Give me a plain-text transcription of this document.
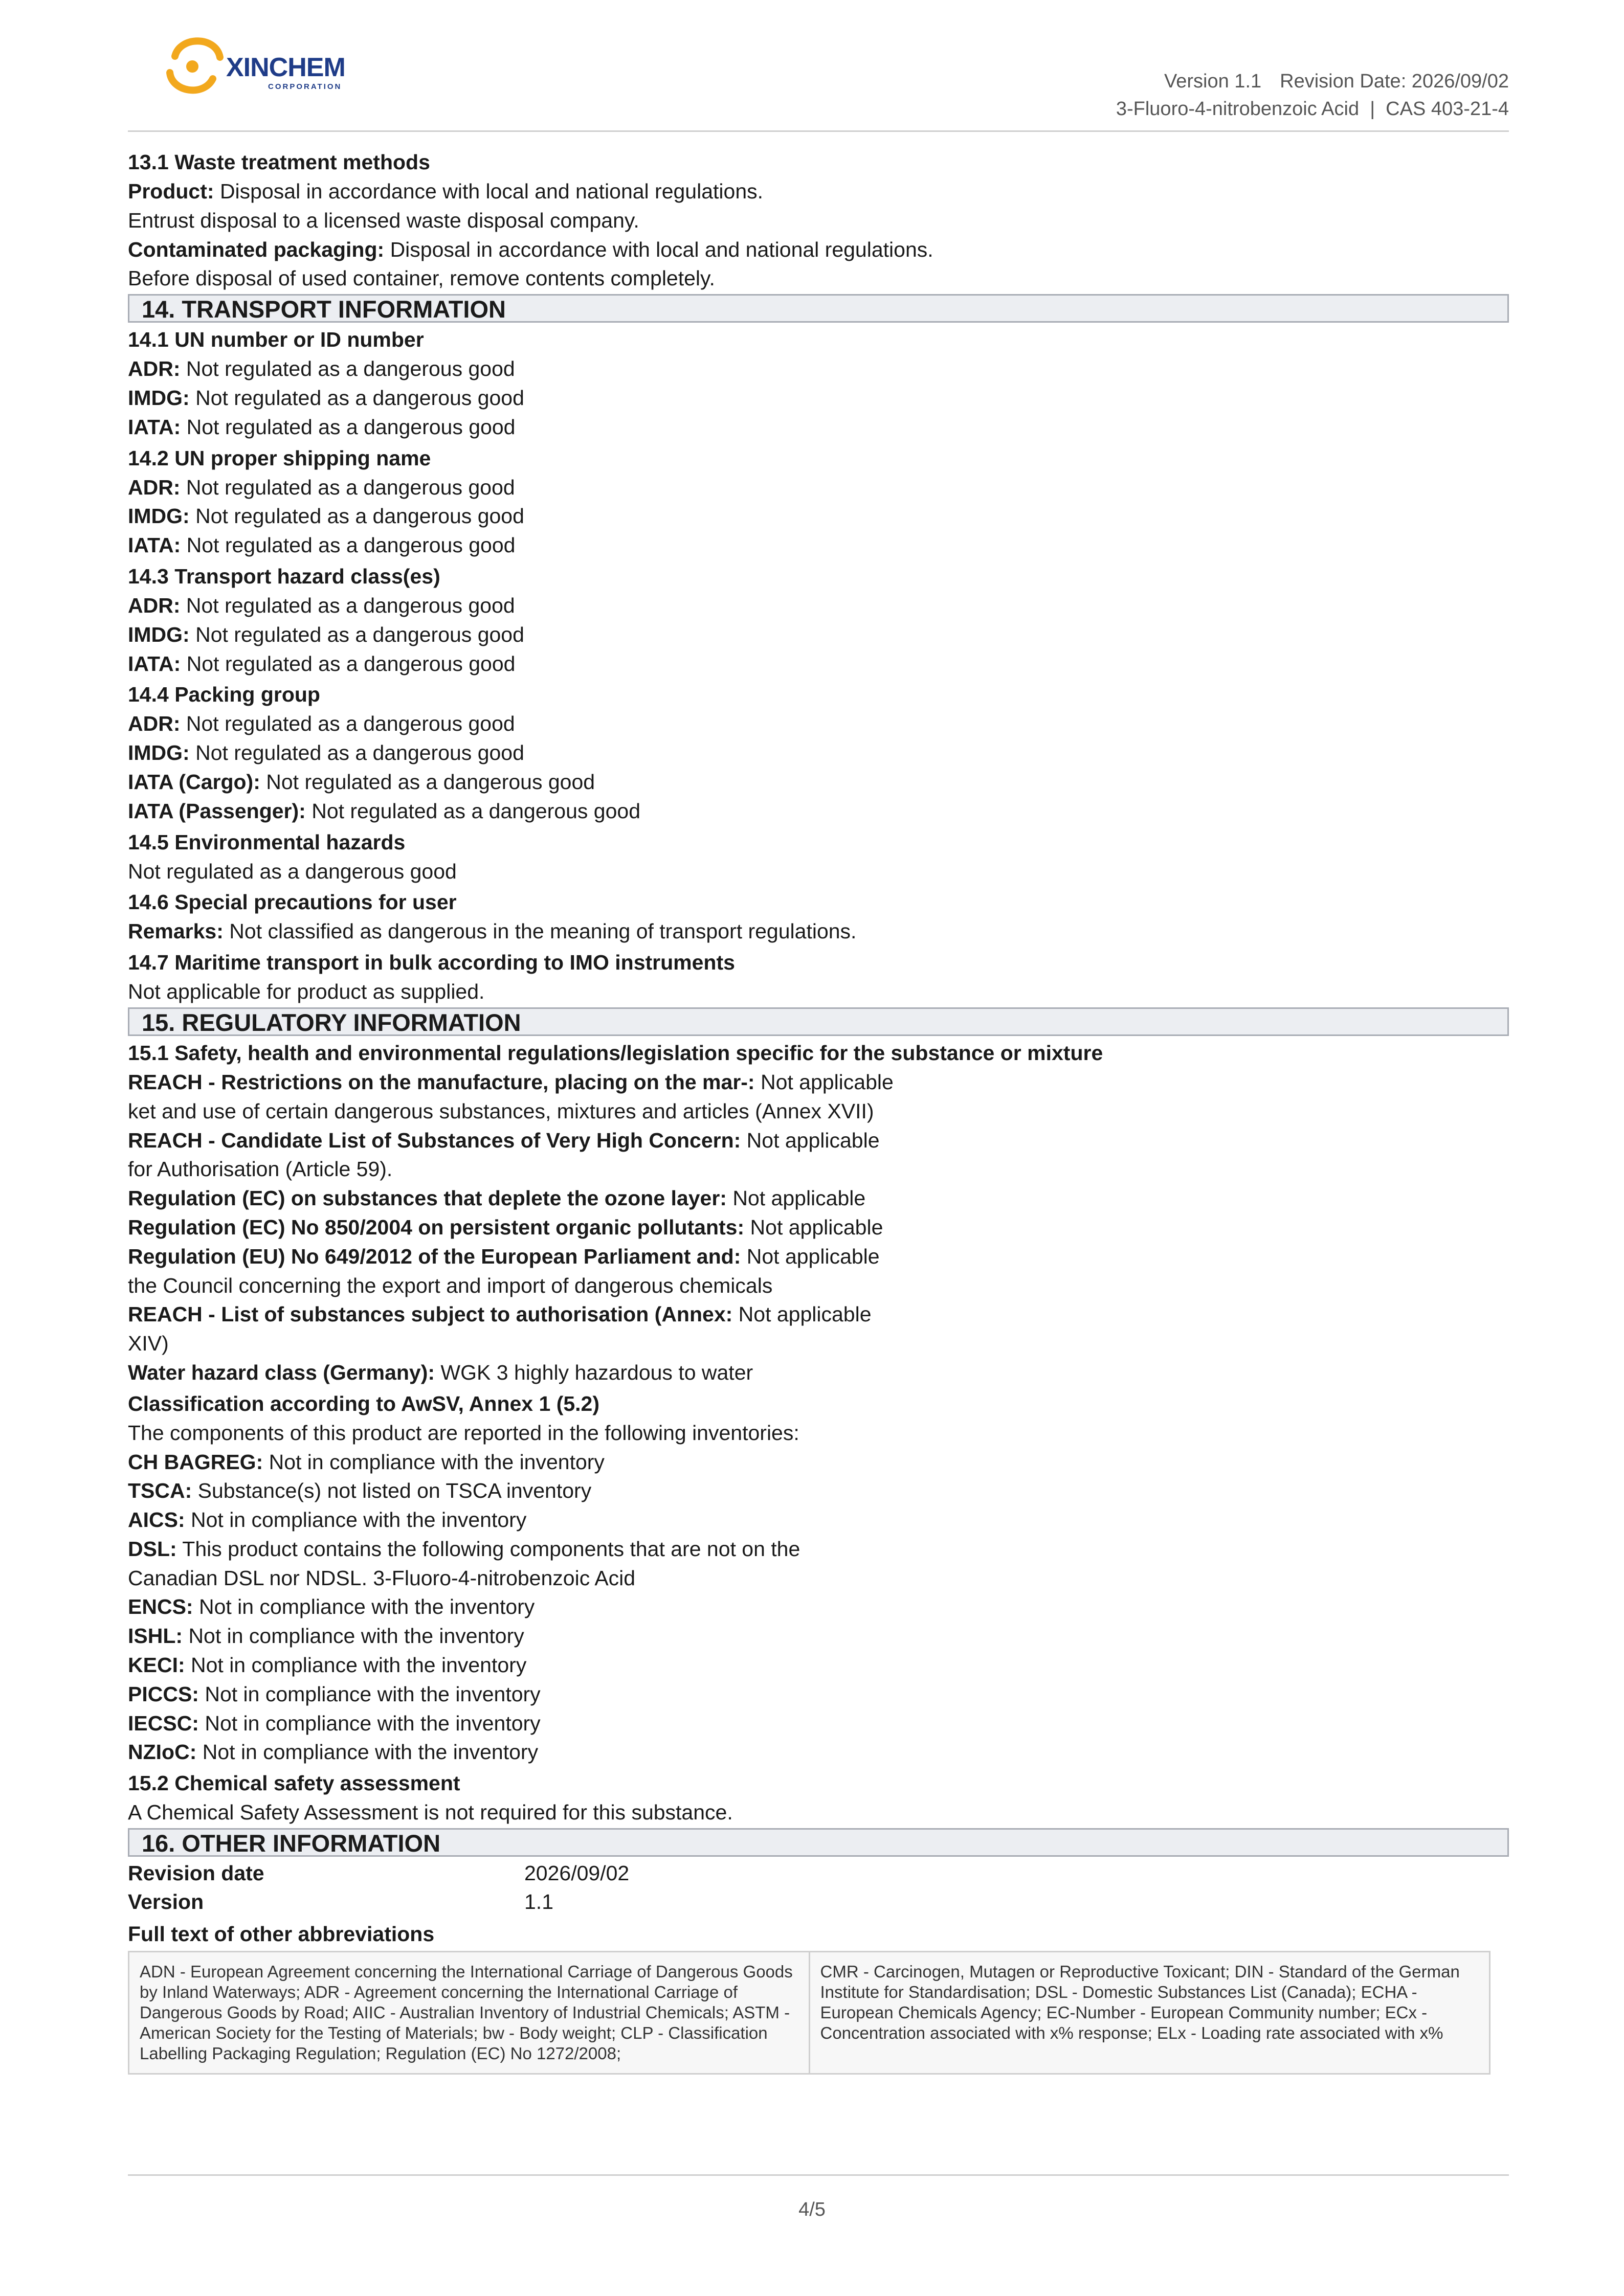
XINCHEM
CORPORATION	Version 1.1 Revision Date: 2026/09/02
3-Fluoro-4-nitrobenzoic Acid  |  CAS 403-21-4
13.1 Waste treatment methods
Product: Disposal in accordance with local and national regulations.
Entrust disposal to a licensed waste disposal company.
Contaminated packaging: Disposal in accordance with local and national regulations.
Before disposal of used container, remove contents completely.
14. TRANSPORT INFORMATION
14.1 UN number or ID number
ADR: Not regulated as a dangerous good
IMDG: Not regulated as a dangerous good
IATA: Not regulated as a dangerous good
14.2 UN proper shipping name
ADR: Not regulated as a dangerous good
IMDG: Not regulated as a dangerous good
IATA: Not regulated as a dangerous good
14.3 Transport hazard class(es)
ADR: Not regulated as a dangerous good
IMDG: Not regulated as a dangerous good
IATA: Not regulated as a dangerous good
14.4 Packing group
ADR: Not regulated as a dangerous good
IMDG: Not regulated as a dangerous good
IATA (Cargo): Not regulated as a dangerous good
IATA (Passenger): Not regulated as a dangerous good
14.5 Environmental hazards
Not regulated as a dangerous good
14.6 Special precautions for user
Remarks: Not classified as dangerous in the meaning of transport regulations.
14.7 Maritime transport in bulk according to IMO instruments
Not applicable for product as supplied.
15. REGULATORY INFORMATION
15.1 Safety, health and environmental regulations/legislation specific for the substance or mixture
REACH - Restrictions on the manufacture, placing on the mar-: Not applicable
ket and use of certain dangerous substances, mixtures and articles (Annex XVII)
REACH - Candidate List of Substances of Very High Concern: Not applicable
for Authorisation (Article 59).
Regulation (EC) on substances that deplete the ozone layer: Not applicable
Regulation (EC) No 850/2004 on persistent organic pollutants: Not applicable
Regulation (EU) No 649/2012 of the European Parliament and: Not applicable
the Council concerning the export and import of dangerous chemicals
REACH - List of substances subject to authorisation (Annex: Not applicable
XIV)
Water hazard class (Germany): WGK 3 highly hazardous to water
Classification according to AwSV, Annex 1 (5.2)
The components of this product are reported in the following inventories:
CH BAGREG: Not in compliance with the inventory
TSCA: Substance(s) not listed on TSCA inventory
AICS: Not in compliance with the inventory
DSL: This product contains the following components that are not on the
Canadian DSL nor NDSL. 3-Fluoro-4-nitrobenzoic Acid
ENCS: Not in compliance with the inventory
ISHL: Not in compliance with the inventory
KECI: Not in compliance with the inventory
PICCS: Not in compliance with the inventory
IECSC: Not in compliance with the inventory
NZIoC: Not in compliance with the inventory
15.2 Chemical safety assessment
A Chemical Safety Assessment is not required for this substance.
16. OTHER INFORMATION
Revision date	2026/09/02
Version	1.1
Full text of other abbreviations
ADN - European Agreement concerning the International Carriage of Dangerous Goods by Inland Waterways; ADR - Agreement concerning the International Carriage of Dangerous Goods by Road; AIIC - Australian Inventory of Industrial Chemicals; ASTM - American Society for the Testing of Materials; bw - Body weight; CLP - Classification Labelling Packaging Regulation; Regulation (EC) No 1272/2008;
CMR - Carcinogen, Mutagen or Reproductive Toxicant; DIN - Standard of the German Institute for Standardisation; DSL - Domestic Substances List (Canada); ECHA - European Chemicals Agency; EC-Number - European Community number; ECx - Concentration associated with x% response; ELx - Loading rate associated with x%
4/5
